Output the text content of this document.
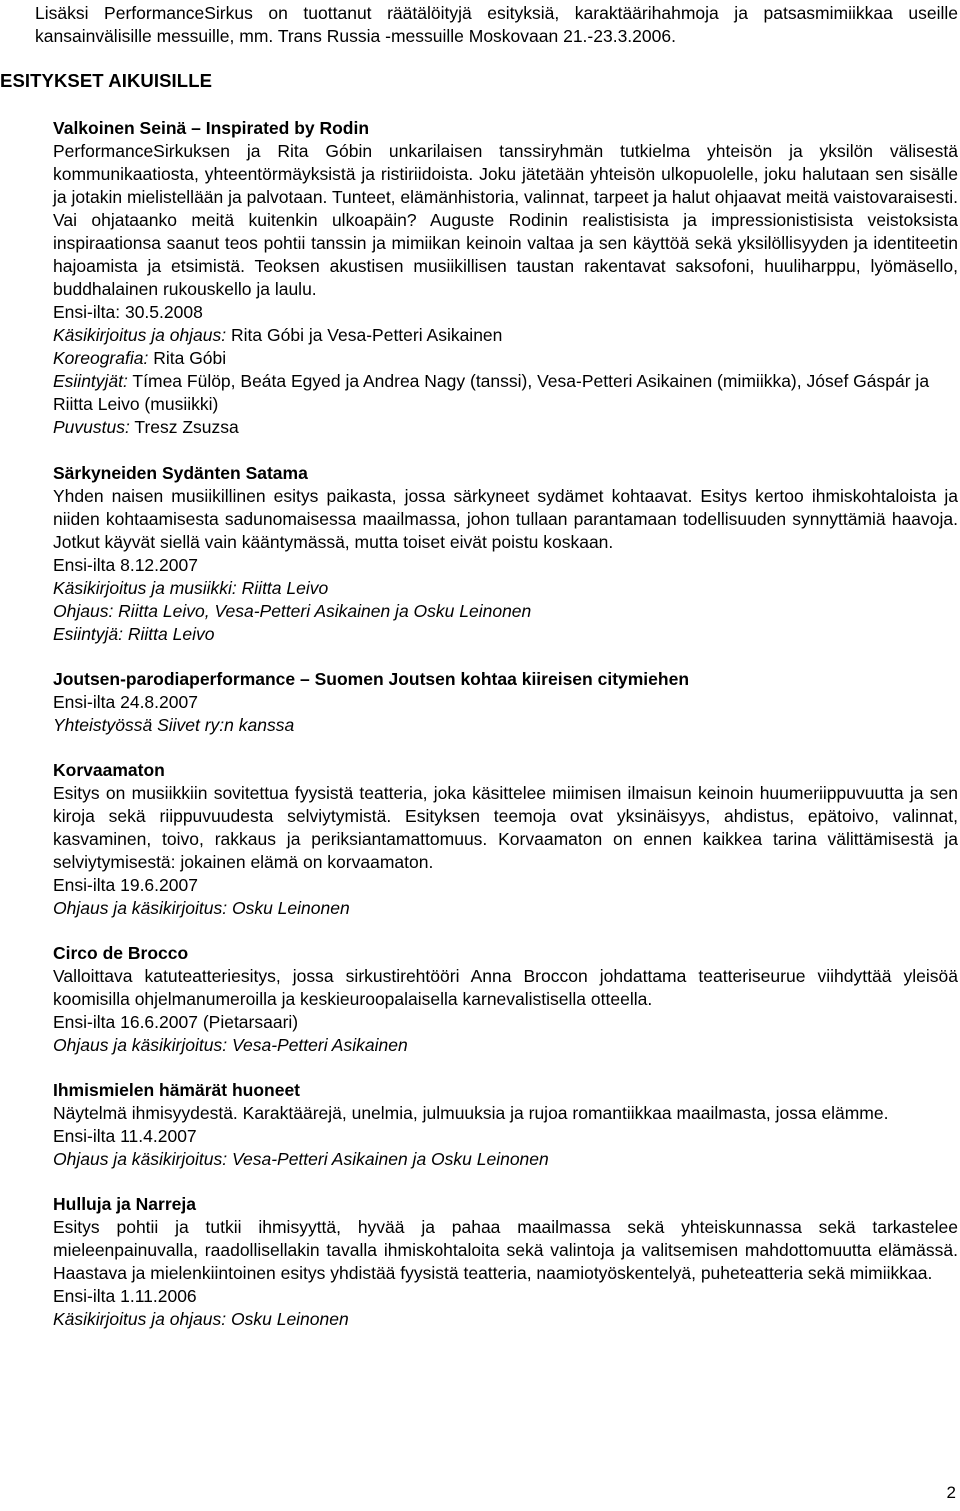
Lisäksi PerformanceSirkus on tuottanut räätälöityjä esityksiä, karaktäärihahmoja ja patsasmimiikkaa useille kansainvälisille messuille, mm. Trans Russia -messuille Moskovaan 21.-23.3.2006.
ESITYKSET AIKUISILLE
Valkoinen Seinä – Inspirated by Rodin
PerformanceSirkuksen ja Rita Góbin unkarilaisen tanssiryhmän tutkielma yhteisön ja yksilön välisestä kommunikaatiosta, yhteentörmäyksistä ja ristiriidoista. Joku jätetään yhteisön ulkopuolelle, joku halutaan sen sisälle ja jotakin mielistellään ja palvotaan. Tunteet, elämänhistoria, valinnat, tarpeet ja halut ohjaavat meitä vaistovaraisesti. Vai ohjataanko meitä kuitenkin ulkoapäin? Auguste Rodinin realistisista ja impressionistisista veistoksista inspiraationsa saanut teos pohtii tanssin ja mimiikan keinoin valtaa ja sen käyttöä sekä yksilöllisyyden ja identiteetin hajoamista ja etsimistä. Teoksen akustisen musiikillisen taustan rakentavat saksofoni, huuliharppu, lyömäsello, buddhalainen rukouskello ja laulu.
Ensi-ilta: 30.5.2008
Käsikirjoitus ja ohjaus: Rita Góbi ja Vesa-Petteri Asikainen
Koreografia: Rita Góbi
Esiintyjät: Tímea Fülöp, Beáta Egyed ja Andrea Nagy (tanssi), Vesa-Petteri Asikainen (mimiikka), Jósef Gáspár ja Riitta Leivo (musiikki)
Puvustus: Tresz Zsuzsa
Särkyneiden Sydänten Satama
Yhden naisen musiikillinen esitys paikasta, jossa särkyneet sydämet kohtaavat. Esitys kertoo ihmiskohtaloista ja niiden kohtaamisesta sadunomaisessa maailmassa, johon tullaan parantamaan todellisuuden synnyttämiä haavoja. Jotkut käyvät siellä vain kääntymässä, mutta toiset eivät poistu koskaan.
Ensi-ilta 8.12.2007
Käsikirjoitus ja musiikki: Riitta Leivo
Ohjaus: Riitta Leivo, Vesa-Petteri Asikainen ja Osku Leinonen
Esiintyjä: Riitta Leivo
Joutsen-parodiaperformance – Suomen Joutsen kohtaa kiireisen citymiehen
Ensi-ilta 24.8.2007
Yhteistyössä Siivet ry:n kanssa
Korvaamaton
Esitys on musiikkiin sovitettua fyysistä teatteria, joka käsittelee miimisen ilmaisun keinoin huumeriippuvuutta ja sen kiroja sekä riippuvuudesta selviytymistä. Esityksen teemoja ovat yksinäisyys, ahdistus, epätoivo, valinnat, kasvaminen, toivo, rakkaus ja periksiantamattomuus. Korvaamaton on ennen kaikkea tarina välittämisestä ja selviytymisestä: jokainen elämä on korvaamaton.
Ensi-ilta 19.6.2007
Ohjaus ja käsikirjoitus: Osku Leinonen
Circo de Brocco
Valloittava katuteatteriesitys, jossa sirkustirehtööri Anna Broccon johdattama teatteriseurue viihdyttää yleisöä koomisilla ohjelmanumeroilla ja keskieuroopalaisella karnevalistisella otteella.
Ensi-ilta 16.6.2007 (Pietarsaari)
Ohjaus ja käsikirjoitus: Vesa-Petteri Asikainen
Ihmismielen hämärät huoneet
Näytelmä ihmisyydestä. Karaktäärejä, unelmia, julmuuksia ja rujoa romantiikkaa maailmasta, jossa elämme.
Ensi-ilta 11.4.2007
Ohjaus ja käsikirjoitus: Vesa-Petteri Asikainen ja Osku Leinonen
Hulluja ja Narreja
Esitys pohtii ja tutkii ihmisyyttä, hyvää ja pahaa maailmassa sekä yhteiskunnassa sekä tarkastelee mieleenpainuvalla, raadollisellakin tavalla ihmiskohtaloita sekä valintoja ja valitsemisen mahdottomuutta elämässä. Haastava ja mielenkiintoinen esitys yhdistää fyysistä teatteria, naamiotyöskentelyä, puheteatteria sekä mimiikkaa.
Ensi-ilta 1.11.2006
Käsikirjoitus ja ohjaus: Osku Leinonen
2
